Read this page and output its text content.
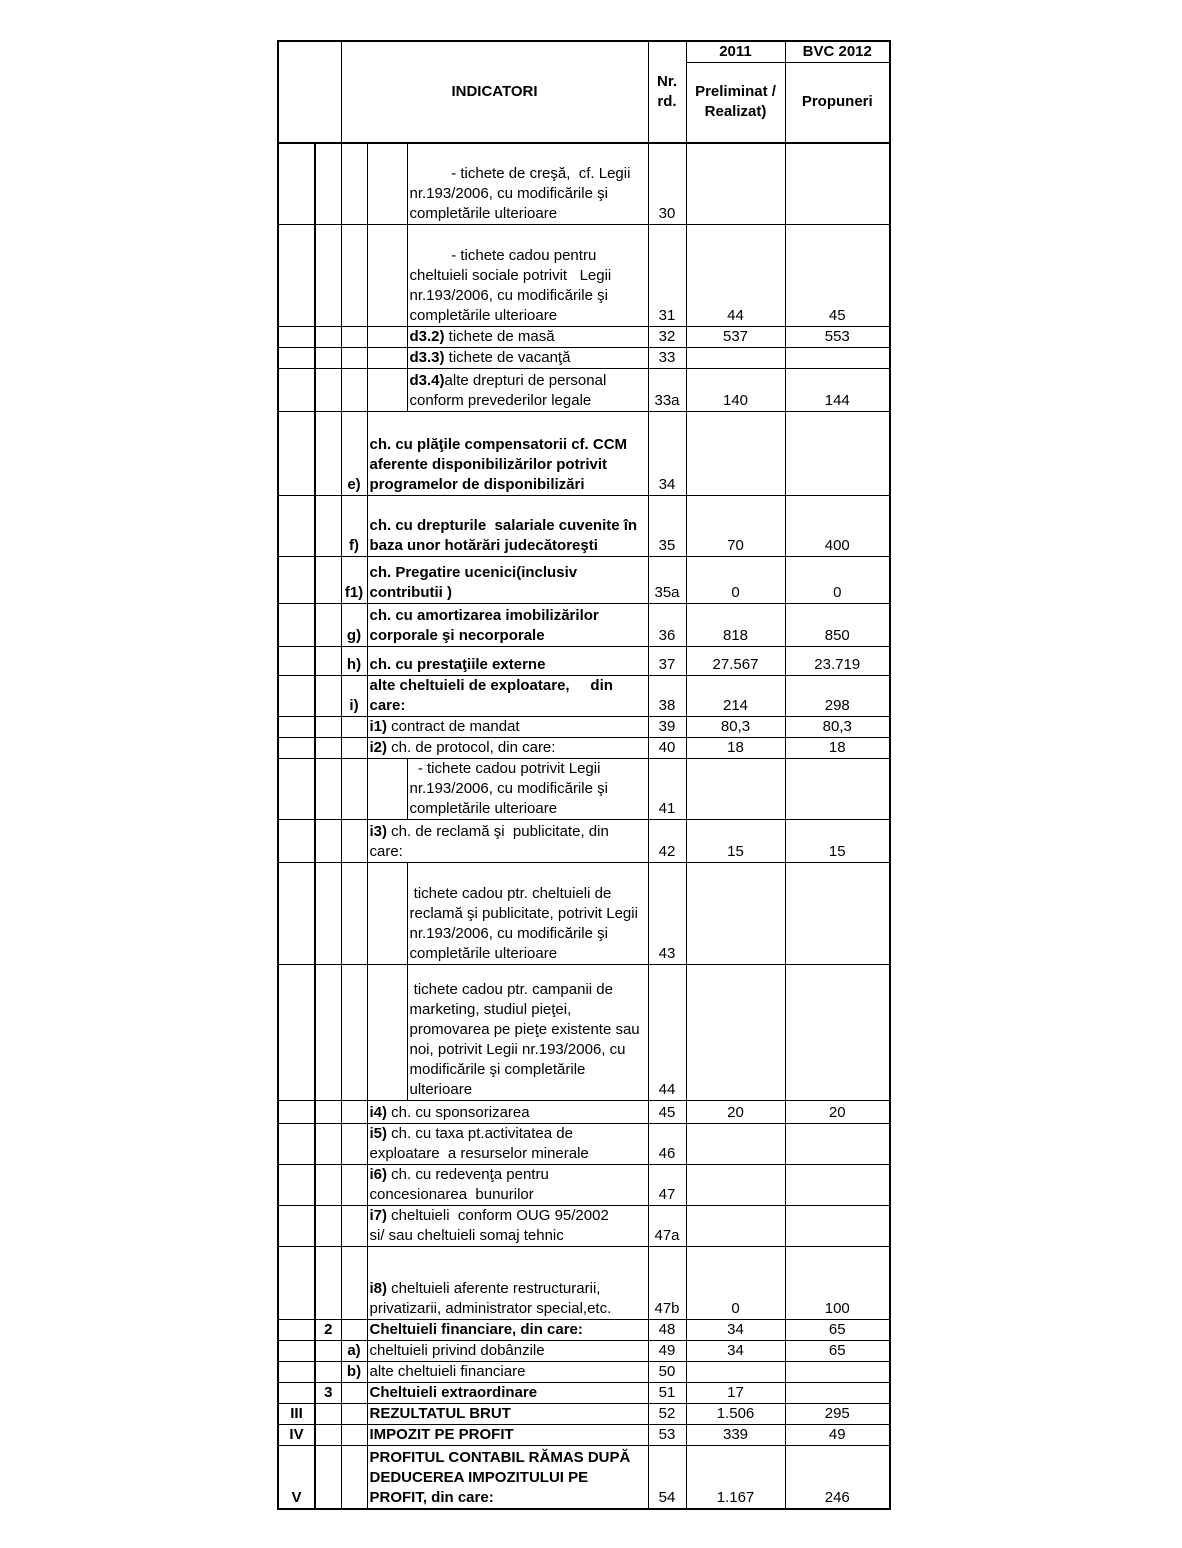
		INDICATORI			Nr. rd.	2011	BVC 2012
						Preliminat / Realizat)	Propuneri
				- tichete de creşă,  cf. Legii nr.193/2006, cu modificările şi completările ulterioare	30		
				- tichete cadou pentru cheltuieli sociale potrivit   Legii nr.193/2006, cu modificările şi completările ulterioare	31	44	45
				d3.2) tichete de masă	32	537	553
				d3.3) tichete de vacanţă	33		
				d3.4)alte drepturi de personal conform prevederilor legale	33a	140	144
		e)	ch. cu plăţile compensatorii cf. CCM  aferente disponibilizărilor potrivit programelor de disponibilizări		34		
		f)	ch. cu drepturile  salariale cuvenite în baza unor hotărări judecătoreşti		35	70	400
		f1)	ch. Pregatire ucenici(inclusiv contributii )		35a	0	0
		g)	ch. cu amortizarea imobilizărilor corporale şi necorporale		36	818	850
		h)	ch. cu prestaţiile externe		37	27.567	23.719
		i)	alte cheltuieli de exploatare,     din care:		38	214	298
			i1) contract de mandat		39	80,3	80,3
			i2) ch. de protocol, din care:		40	18	18
				- tichete cadou potrivit Legii nr.193/2006, cu modificările şi completările ulterioare	41		
			i3) ch. de reclamă şi  publicitate, din care:		42	15	15
				tichete cadou ptr. cheltuieli de reclamă şi publicitate, potrivit Legii  nr.193/2006, cu modificările şi completările ulterioare	43		
				tichete cadou ptr. campanii de marketing, studiul pieţei, promovarea pe pieţe existente sau noi, potrivit Legii nr.193/2006, cu  modificările şi completările ulterioare	44		
			i4) ch. cu sponsorizarea		45	20	20
			i5) ch. cu taxa pt.activitatea de exploatare  a resurselor minerale		46		
			i6) ch. cu redevenţa pentru concesionarea  bunurilor		47		
			i7) cheltuieli  conform OUG 95/2002       si/ sau cheltuieli somaj tehnic		47a		
			i8) cheltuieli aferente restructurarii, privatizarii, administrator special,etc.		47b	0	100
	2		Cheltuieli financiare, din care:		48	34	65
		a)	cheltuieli privind dobânzile		49	34	65
		b)	alte cheltuieli financiare		50		
	3		Cheltuieli extraordinare		51	17	
III			REZULTATUL BRUT		52	1.506	295
IV			IMPOZIT PE PROFIT		53	339	49
V			PROFITUL CONTABIL RĂMAS DUPĂ DEDUCEREA IMPOZITULUI PE PROFIT, din care:		54	1.167	246
